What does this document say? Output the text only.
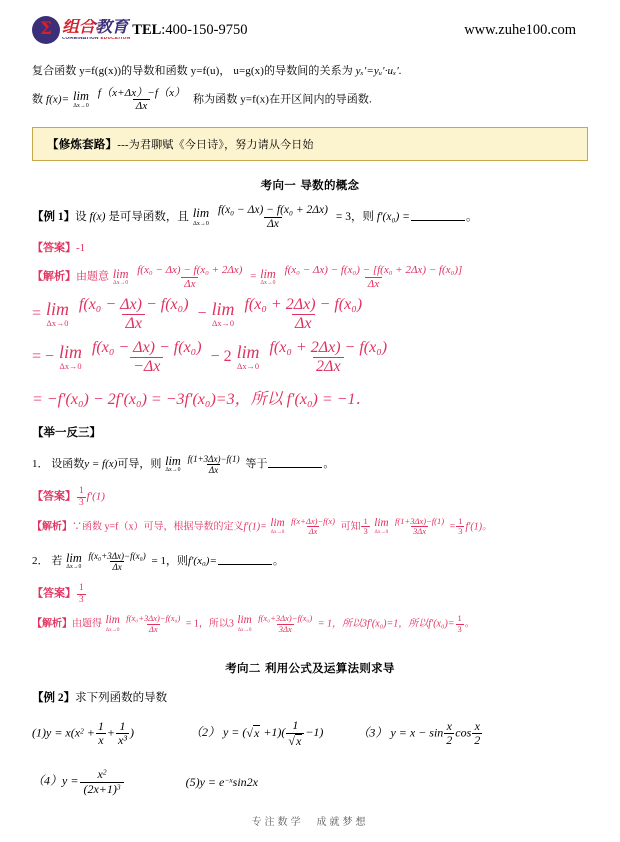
Σ 组合教育
COMBINATION EDUCATION
TEL:400-150-9750	www.zuhe100.com
复合函数 y=f(g(x))的导数和函数 y=f(u)， u=g(x)的导数间的关系为 yₓ′=yᵤ′·uₓ′.
数 f(x)= lim
Δx→0
$\frac{f(x+\Delta x)-f(x)}{\Delta x}$ 称为函数 y=f(x)在开区间内的导函数.
【修炼套路】---为君聊赋《今日诗》，努力请从今日始
考向一 导数的概念
【例 1】设 f(x) 是可导函数，且 lim
Δx→0
$\frac{\text{f(x₀ − Δx) − f(x₀ + 2Δx)}}{\Delta x} = 3$，则 f′(x₀) =	。
【答案】-1
【解析】由题意 lim
Δx→0
$\frac{\text{f(x₀ − Δx) − f(x₀ + 2Δx)}}{\Delta x} = \lim$
Δx→0
$\frac{\text{f(x₀ − Δx) − f(x₀) − [f(x₀ + 2Δx) − f(x₀)]}}{\Delta x}$
= lim
Δx→0
$\frac{\text{f(x₀ − Δx) − f(x₀)}}{\Delta x} - \lim$
Δx→0
$\frac{\text{f(x₀ + 2Δx) − f(x₀)}}{\Delta x}$
= − lim
Δx→0
$\frac{\text{f(x₀ − Δx) − f(x₀)}}{-\Delta x} - 2$ lim
Δx→0
$\frac{\text{f(x₀ + 2Δx) − f(x₀)}}{2\Delta x}$
= −f′(x₀) − 2f′(x₀) = −3f′(x₀)=3，所以 f′(x₀) = −1．
【举一反三】
1． 设函数y = f(x)可导，则 lim
Δx→0
$\frac{f(1+3\Delta x)-f(1)}{\Delta x}$ 等于	。
【答案】 $\frac{1}{3} f'(1)$
【解析】∵函数 y=f（x）可导，根据导数的定义f′(1)= lim
Δx→0
$\frac{f(x+\Delta x)-f(x)}{\Delta x}$ 可知 $\frac{1}{3}$
lim
Δx→0
$\frac{f(1+3\Delta x)-f(1)}{3\Delta x} = \frac{1}{3} f'(1)$。
2． 若 lim
Δx→0
$\frac{\text{f(x₀+3Δx)−f(x₀)}}{\Delta x} = 1$，则f′(x₀)=	。
【答案】 $\frac{1}{3}$
【解析】由题得 lim
Δx→0
$\frac{\text{f(x₀+3Δx)−f(x₀)}}{\Delta x} = 1$，所以3 lim
Δx→0
$\frac{\text{f(x₀+3Δx)−f(x₀)}}{3\Delta x} = 1$，所以3f′(x₀)=1，所以$f'(x_0)= \frac{1}{3}$ 。
考向二 利用公式及运算法则求导
【例 2】求下列函数的导数
$(1)y = x(x^2 + \frac{1}{x} + \frac{1}{\text{x³}}$ )	（2） $y = (√x +1)( \frac{1}{√x} -1)$	（3） $y = x - \sin \frac{x}{2}$ $\cos \frac{x}{2}$
$(4)y = \frac{x^2}{(2x+1)^3}$	$(5)y = e^{-x}\sin 2x$
专注数学　成就梦想
